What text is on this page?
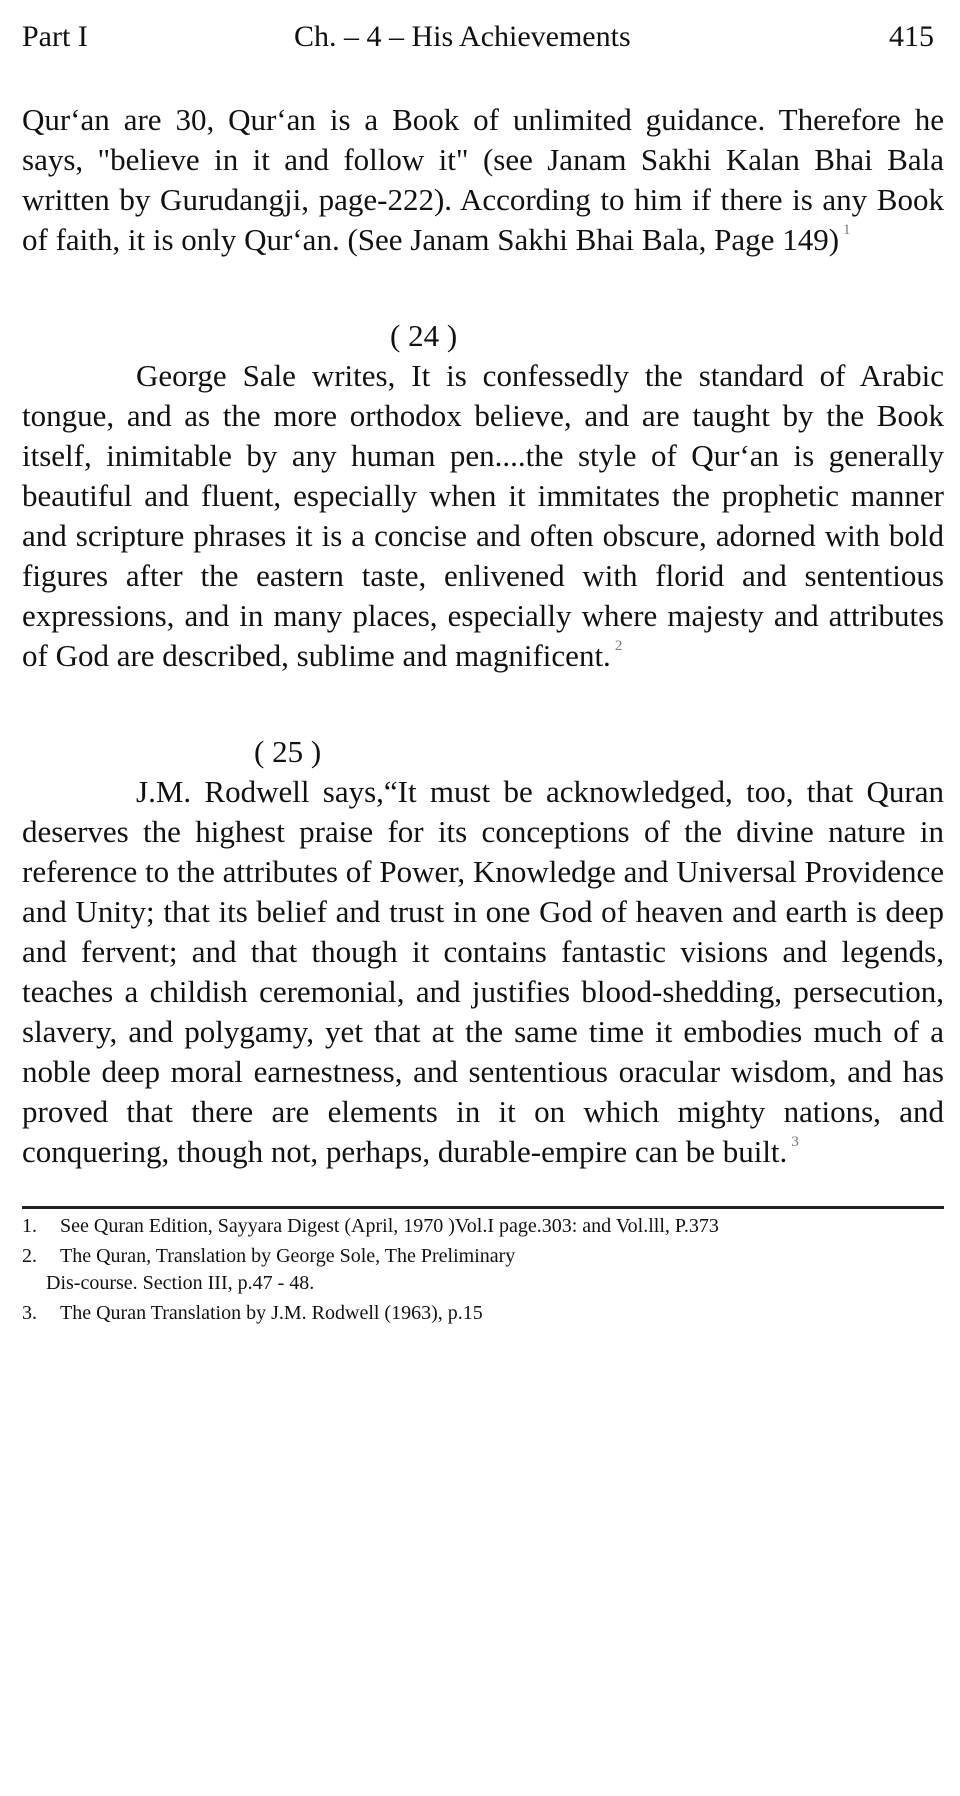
Part I	Ch. – 4 – His Achievements	415

Qur‘an are 30, Qur‘an is a Book of unlimited guidance. Therefore he says, "believe in it and follow it" (see Janam Sakhi Kalan Bhai Bala written by Gurudangji, page-222). According to him if there is any Book of faith, it is only Qur‘an. (See Janam Sakhi Bhai Bala, Page 149) $^1$

( 24 )

George Sale writes, It is confessedly the standard of Arabic tongue, and as the more orthodox believe, and are taught by the Book itself, inimitable by any human pen....the style of Qur‘an is generally beautiful and fluent, especially when it immitates the prophetic manner and scripture phrases it is a concise and often obscure, adorned with bold figures after the eastern taste, enlivened with florid and sententious expressions, and in many places, especially where majesty and attributes of God are described, sublime and magnificent. $^2$

( 25 )

J.M. Rodwell says,“It must be acknowledged, too, that Quran deserves the highest praise for its conceptions of the divine nature in reference to the attributes of Power, Knowledge and Universal Providence and Unity; that its belief and trust in one God of heaven and earth is deep and fervent; and that though it contains fantastic visions and legends, teaches a childish ceremonial, and justifies blood-shedding, persecution, slavery, and polygamy, yet that at the same time it embodies much of a noble deep moral earnestness, and sententious oracular wisdom, and has proved that there are elements in it on which mighty nations, and conquering, though not, perhaps, durable-empire can be built. $^3$

1. See Quran Edition, Sayyara Digest (April, 1970 )Vol.I page.303: and Vol.lll, P.373

2. The Quran, Translation by George Sole, The Preliminary
Dis-course. Section III, p.47 - 48.

3. The Quran Translation by J.M. Rodwell (1963), p.15
